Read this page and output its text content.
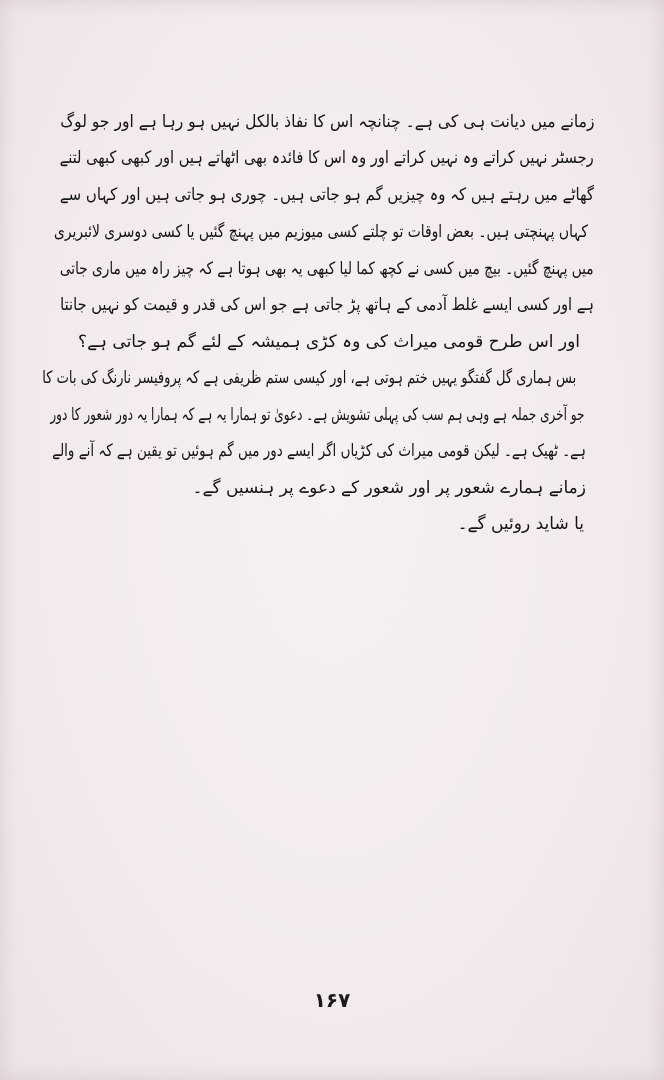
زمانے میں دیانت ہی کی ہے۔ چنانچہ اس کا نفاذ بالکل نہیں ہو رہا ہے اور جو لوگ
رجسٹر نہیں کراتے وہ نہیں کراتے اور وہ اس کا فائدہ بھی اٹھاتے ہیں اور کبھی کبھی لتنے
گھاٹے میں رہتے ہیں کہ وہ چیزیں گم ہو جاتی ہیں۔ چوری ہو جاتی ہیں اور کہاں سے
کہاں پہنچتی ہیں۔ بعض اوقات تو چلتے کسی میوزیم میں پہنچ گئیں یا کسی دوسری لائبریری
میں پہنچ گئیں۔ بیچ میں کسی نے کچھ کما لیا کبھی یہ بھی ہوتا ہے کہ چیز راہ میں ماری جاتی
ہے اور کسی ایسے غلط آدمی کے ہاتھ پڑ جاتی ہے جو اس کی قدر و قیمت کو نہیں جانتا
اور اس طرح قومی میراث کی وہ کڑی ہمیشہ کے لئے گم ہو جاتی ہے؟
بس ہماری گل گفتگو یہیں ختم ہوتی ہے، اور کیسی ستم ظریفی ہے کہ پروفیسر نارنگ کی بات کا
جو آخری جملہ ہے وہی ہم سب کی پہلی تشویش ہے۔ دعویٰ تو ہمارا یہ ہے کہ ہمارا یہ دور شعور کا دور
ہے۔ ٹھیک ہے۔ لیکن قومی میراث کی کڑیاں اگر ایسے دور میں گم ہوئیں تو یقین ہے کہ آنے والے
زمانے ہمارے شعور پر اور شعور کے دعوے پر ہنسیں گے۔
یا شاید روئیں گے۔
۱۶۷
